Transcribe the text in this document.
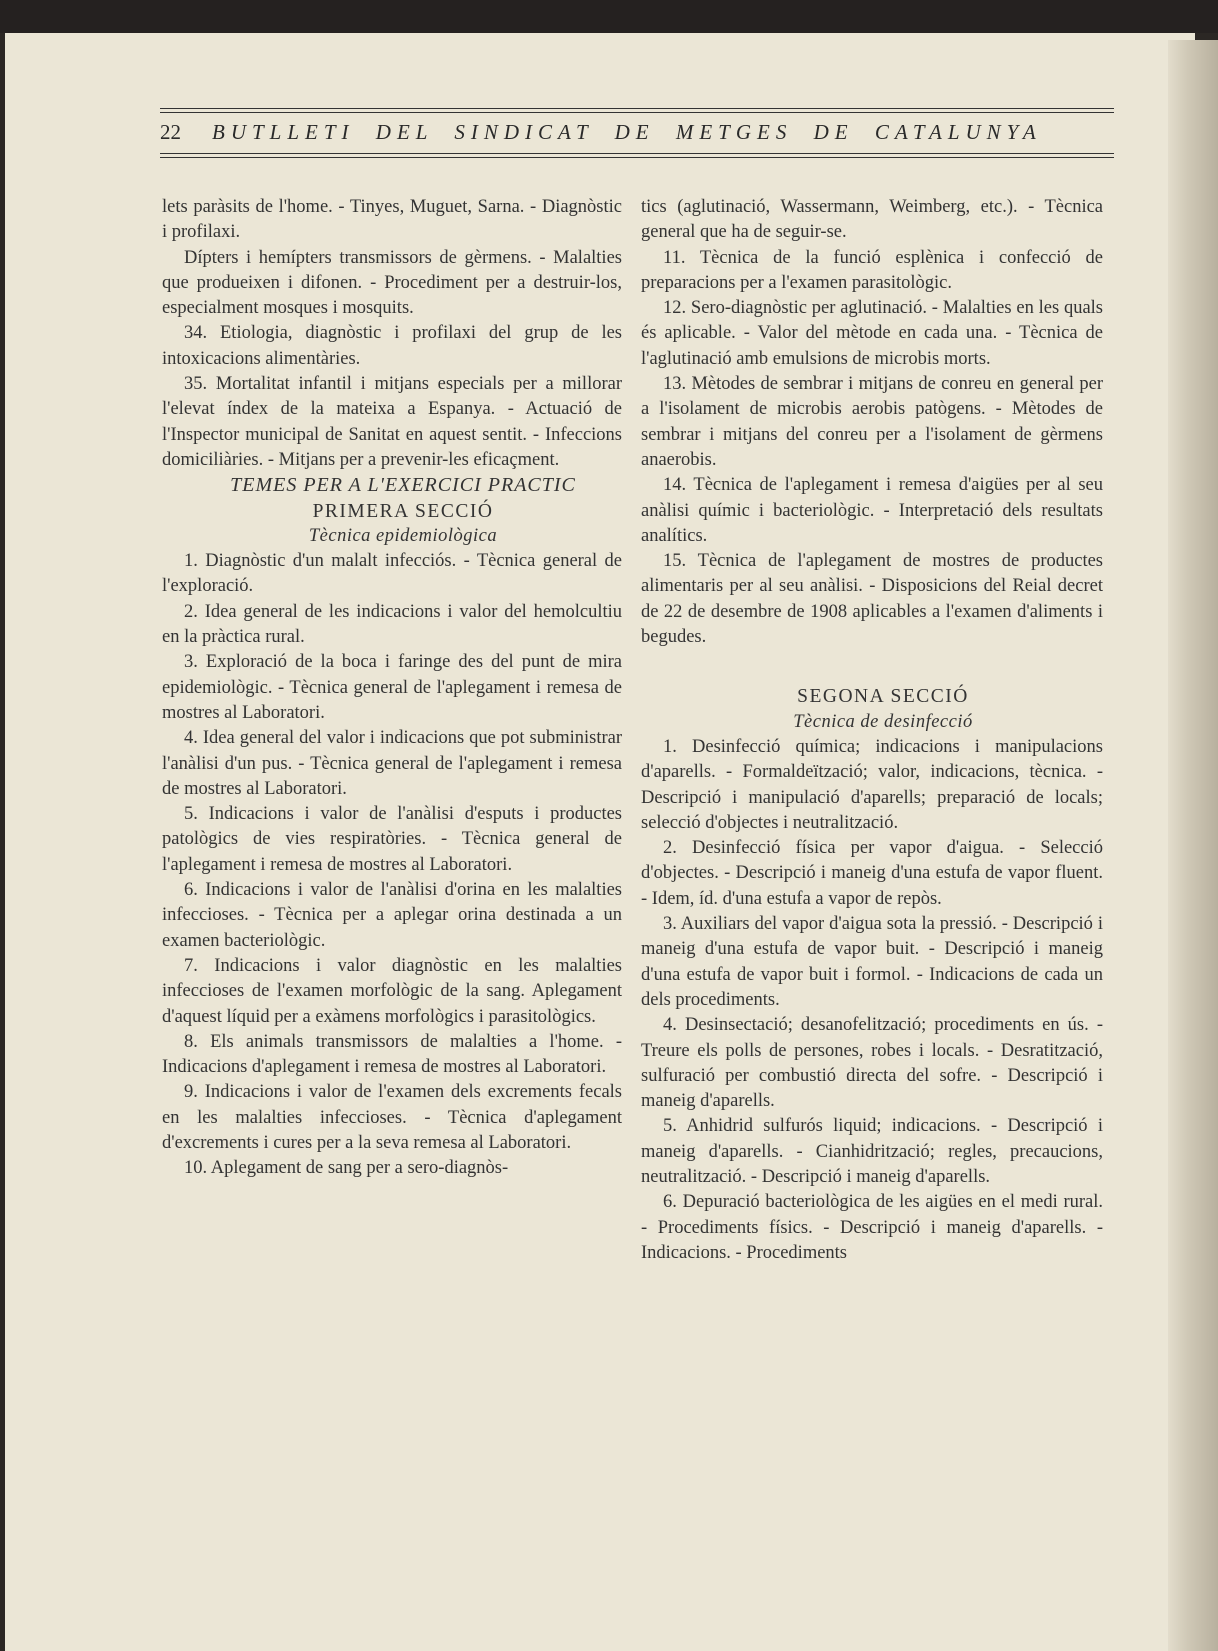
22 BUTLLETI DEL SINDICAT DE METGES DE CATALUNYA

lets paràsits de l'home. - Tinyes, Muguet, Sarna. - Diagnòstic i profilaxi.

Dípters i hemípters transmissors de gèrmens. - Malalties que produeixen i difonen. - Procediment per a destruir-los, especialment mosques i mosquits.

34. Etiologia, diagnòstic i profilaxi del grup de les intoxicacions alimentàries.

35. Mortalitat infantil i mitjans especials per a millorar l'elevat índex de la mateixa a Espanya. - Actuació de l'Inspector municipal de Sanitat en aquest sentit. - Infeccions domiciliàries. - Mitjans per a prevenir-les eficaçment.

TEMES PER A L'EXERCICI PRACTIC

PRIMERA SECCIÓ

Tècnica epidemiològica

1. Diagnòstic d'un malalt infecciós. - Tècnica general de l'exploració.

2. Idea general de les indicacions i valor del hemolcultiu en la pràctica rural.

3. Exploració de la boca i faringe des del punt de mira epidemiològic. - Tècnica general de l'aplegament i remesa de mostres al Laboratori.

4. Idea general del valor i indicacions que pot subministrar l'anàlisi d'un pus. - Tècnica general de l'aplegament i remesa de mostres al Laboratori.

5. Indicacions i valor de l'anàlisi d'esputs i productes patològics de vies respiratòries. - Tècnica general de l'aplegament i remesa de mostres al Laboratori.

6. Indicacions i valor de l'anàlisi d'orina en les malalties infeccioses. - Tècnica per a aplegar orina destinada a un examen bacteriològic.

7. Indicacions i valor diagnòstic en les malalties infeccioses de l'examen morfològic de la sang. Aplegament d'aquest líquid per a exàmens morfològics i parasitològics.

8. Els animals transmissors de malalties a l'home. - Indicacions d'aplegament i remesa de mostres al Laboratori.

9. Indicacions i valor de l'examen dels excrements fecals en les malalties infeccioses. - Tècnica d'aplegament d'excrements i cures per a la seva remesa al Laboratori.

10. Aplegament de sang per a sero-diagnòs-

tics (aglutinació, Wassermann, Weimberg, etc.). - Tècnica general que ha de seguir-se.

11. Tècnica de la funció esplènica i confecció de preparacions per a l'examen parasitològic.

12. Sero-diagnòstic per aglutinació. - Malalties en les quals és aplicable. - Valor del mètode en cada una. - Tècnica de l'aglutinació amb emulsions de microbis morts.

13. Mètodes de sembrar i mitjans de conreu en general per a l'isolament de microbis aerobis patògens. - Mètodes de sembrar i mitjans del conreu per a l'isolament de gèrmens anaerobis.

14. Tècnica de l'aplegament i remesa d'aigües per al seu anàlisi químic i bacteriològic. - Interpretació dels resultats analítics.

15. Tècnica de l'aplegament de mostres de productes alimentaris per al seu anàlisi. - Disposicions del Reial decret de 22 de desembre de 1908 aplicables a l'examen d'aliments i begudes.

SEGONA SECCIÓ

Tècnica de desinfecció

1. Desinfecció química; indicacions i manipulacions d'aparells. - Formaldeïtzació; valor, indicacions, tècnica. - Descripció i manipulació d'aparells; preparació de locals; selecció d'objectes i neutralització.

2. Desinfecció física per vapor d'aigua. - Selecció d'objectes. - Descripció i maneig d'una estufa de vapor fluent. - Idem, íd. d'una estufa a vapor de repòs.

3. Auxiliars del vapor d'aigua sota la pressió. - Descripció i maneig d'una estufa de vapor buit. - Descripció i maneig d'una estufa de vapor buit i formol. - Indicacions de cada un dels procediments.

4. Desinsectació; desanofelització; procediments en ús. - Treure els polls de persones, robes i locals. - Desratització, sulfuració per combustió directa del sofre. - Descripció i maneig d'aparells.

5. Anhidrid sulfurós liquid; indicacions. - Descripció i maneig d'aparells. - Cianhidrització; regles, precaucions, neutralització. - Descripció i maneig d'aparells.

6. Depuració bacteriològica de les aigües en el medi rural. - Procediments físics. - Descripció i maneig d'aparells. - Indicacions. - Procediments
